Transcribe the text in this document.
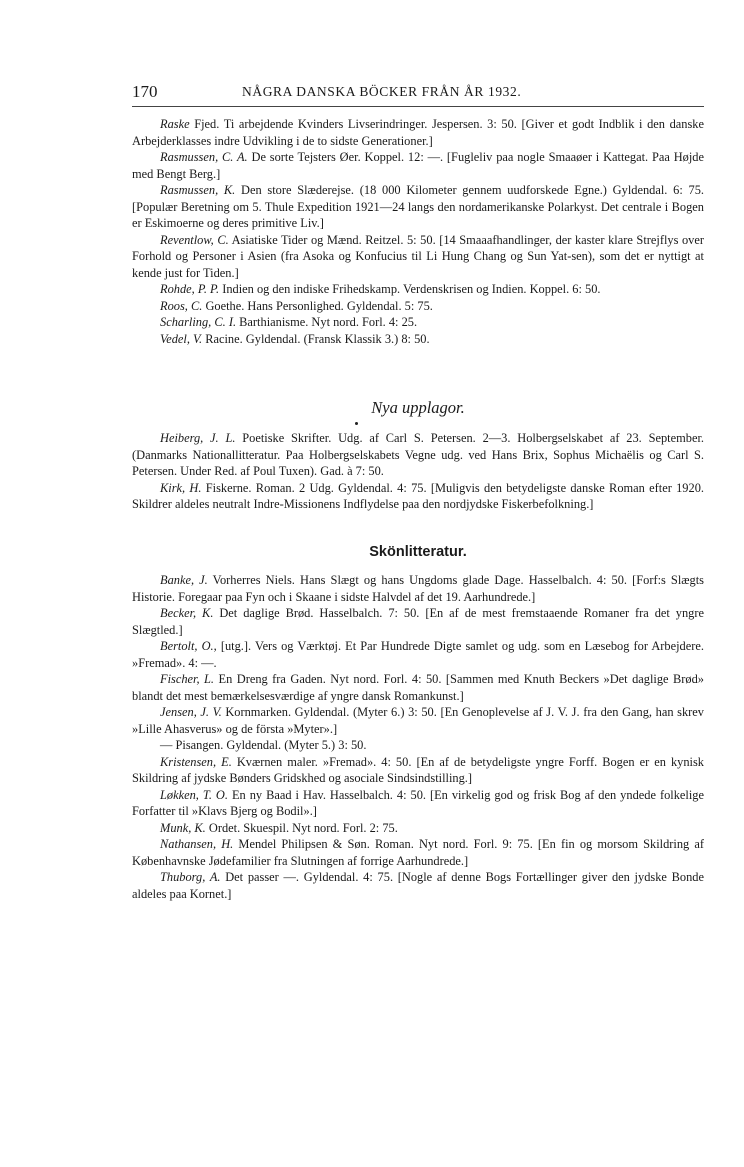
170	NÅGRA DANSKA BÖCKER FRÅN ÅR 1932.

Raske Fjed. Ti arbejdende Kvinders Livserindringer. Jespersen. 3: 50. [Giver et godt Indblik i den danske Arbejderklasses indre Udvikling i de to sidste Generationer.]

Rasmussen, C. A. De sorte Tejsters Øer. Koppel. 12: —. [Fugleliv paa nogle Smaaøer i Kattegat. Paa Højde med Bengt Berg.]

Rasmussen, K. Den store Slæderejse. (18 000 Kilometer gennem uudforskede Egne.) Gyldendal. 6: 75. [Populær Beretning om 5. Thule Expedition 1921—24 langs den nordamerikanske Polarkyst. Det centrale i Bogen er Eskimoerne og deres primitive Liv.]

Reventlow, C. Asiatiske Tider og Mænd. Reitzel. 5: 50. [14 Smaaafhandlinger, der kaster klare Strejflys over Forhold og Personer i Asien (fra Asoka og Konfucius til Li Hung Chang og Sun Yat-sen), som det er nyttigt at kende just for Tiden.]

Rohde, P. P. Indien og den indiske Frihedskamp. Verdenskrisen og Indien. Koppel. 6: 50.

Roos, C. Goethe. Hans Personlighed. Gyldendal. 5: 75.

Scharling, C. I. Barthianisme. Nyt nord. Forl. 4: 25.

Vedel, V. Racine. Gyldendal. (Fransk Klassik 3.) 8: 50.

Nya upplagor.

Heiberg, J. L. Poetiske Skrifter. Udg. af Carl S. Petersen. 2—3. Holbergselskabet af 23. September. (Danmarks Nationallitteratur. Paa Holbergselskabets Vegne udg. ved Hans Brix, Sophus Michaëlis og Carl S. Petersen. Under Red. af Poul Tuxen). Gad. à 7: 50.

Kirk, H. Fiskerne. Roman. 2 Udg. Gyldendal. 4: 75. [Muligvis den betydeligste danske Roman efter 1920. Skildrer aldeles neutralt Indre-Missionens Indflydelse paa den nordjydske Fiskerbefolkning.]

Skönlitteratur.

Banke, J. Vorherres Niels. Hans Slægt og hans Ungdoms glade Dage. Hasselbalch. 4: 50. [Forf:s Slægts Historie. Foregaar paa Fyn och i Skaane i sidste Halvdel af det 19. Aarhundrede.]

Becker, K. Det daglige Brød. Hasselbalch. 7: 50. [En af de mest fremstaaende Romaner fra det yngre Slægtled.]

Bertolt, O., [utg.]. Vers og Værktøj. Et Par Hundrede Digte samlet og udg. som en Læsebog for Arbejdere. »Fremad». 4: —.

Fischer, L. En Dreng fra Gaden. Nyt nord. Forl. 4: 50. [Sammen med Knuth Beckers »Det daglige Brød» blandt det mest bemærkelsesværdige af yngre dansk Romankunst.]

Jensen, J. V. Kornmarken. Gyldendal. (Myter 6.) 3: 50. [En Genoplevelse af J. V. J. fra den Gang, han skrev »Lille Ahasverus» og de första »Myter».]

— Pisangen. Gyldendal. (Myter 5.) 3: 50.

Kristensen, E. Kværnen maler. »Fremad». 4: 50. [En af de betydeligste yngre Forff. Bogen er en kynisk Skildring af jydske Bønders Gridskhed og asociale Sindsindstilling.]

Løkken, T. O. En ny Baad i Hav. Hasselbalch. 4: 50. [En virkelig god og frisk Bog af den yndede folkelige Forfatter til »Klavs Bjerg og Bodil».]

Munk, K. Ordet. Skuespil. Nyt nord. Forl. 2: 75.

Nathansen, H. Mendel Philipsen & Søn. Roman. Nyt nord. Forl. 9: 75. [En fin og morsom Skildring af Københavnske Jødefamilier fra Slutningen af forrige Aarhundrede.]

Thuborg, A. Det passer —. Gyldendal. 4: 75. [Nogle af denne Bogs Fortællinger giver den jydske Bonde aldeles paa Kornet.]
